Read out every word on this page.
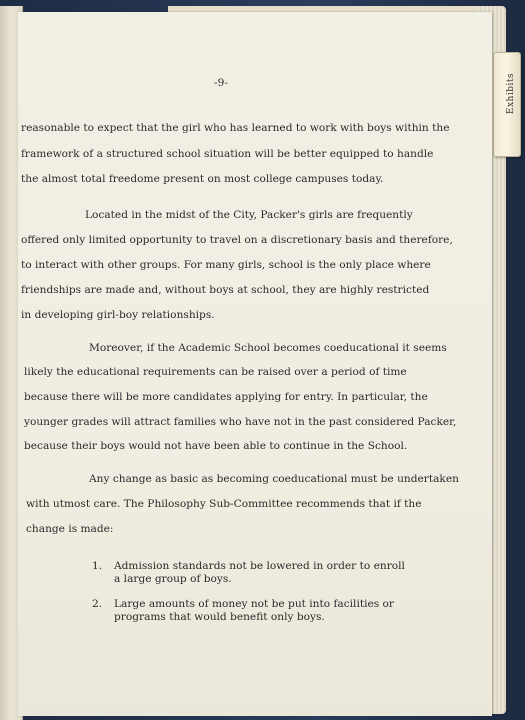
Exhibits
-9-
reasonable to expect that the girl who has learned to work with boys within the
framework of a structured school situation will be better equipped to handle
the almost total freedome present on most college campuses today.
Located in the midst of the City, Packer's girls are frequently
offered only limited opportunity to travel on a discretionary basis and therefore,
to interact with other groups. For many girls, school is the only place where
friendships are made and, without boys at school, they are highly restricted
in developing girl-boy relationships.
Moreover, if the Academic School becomes coeducational it seems
likely the educational requirements can be raised over a period of time
because there will be more candidates applying for entry. In particular, the
younger grades will attract families who have not in the past considered Packer,
because their boys would not have been able to continue in the School.
Any change as basic as becoming coeducational must be undertaken
with utmost care. The Philosophy Sub-Committee recommends that if the
change is made:
1. Admission standards not be lowered in order to enroll
a large group of boys.
2. Large amounts of money not be put into facilities or
programs that would benefit only boys.
